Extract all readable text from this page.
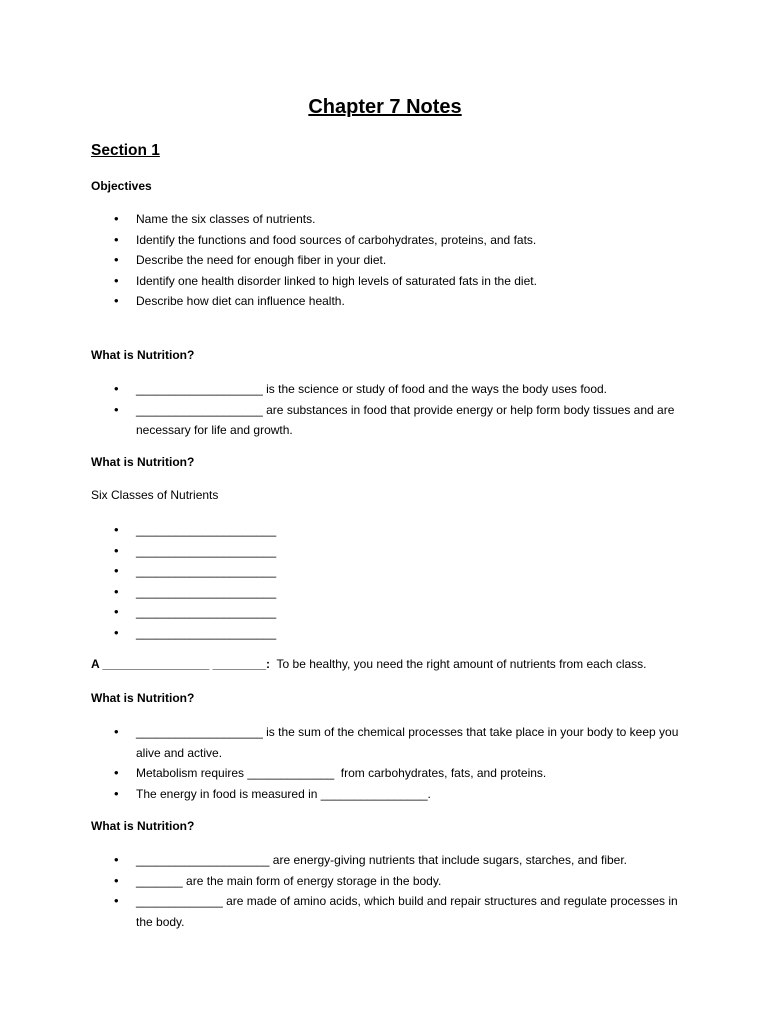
Chapter 7 Notes
Section 1
Objectives
• Name the six classes of nutrients.
• Identify the functions and food sources of carbohydrates, proteins, and fats.
• Describe the need for enough fiber in your diet.
• Identify one health disorder linked to high levels of saturated fats in the diet.
• Describe how diet can influence health.
What is Nutrition?
• ___________________ is the science or study of food and the ways the body uses food.
• ___________________ are substances in food that provide energy or help form body tissues and are necessary for life and growth.
What is Nutrition?
Six Classes of Nutrients
• _____________________
• _____________________
• _____________________
• _____________________
• _____________________
• _____________________
A ________________ ________:  To be healthy, you need the right amount of nutrients from each class.
What is Nutrition?
• ___________________ is the sum of the chemical processes that take place in your body to keep you alive and active.
• Metabolism requires _____________  from carbohydrates, fats, and proteins.
• The energy in food is measured in ________________.
What is Nutrition?
• ____________________ are energy-giving nutrients that include sugars, starches, and fiber.
• _______ are the main form of energy storage in the body.
• _____________ are made of amino acids, which build and repair structures and regulate processes in the body.
